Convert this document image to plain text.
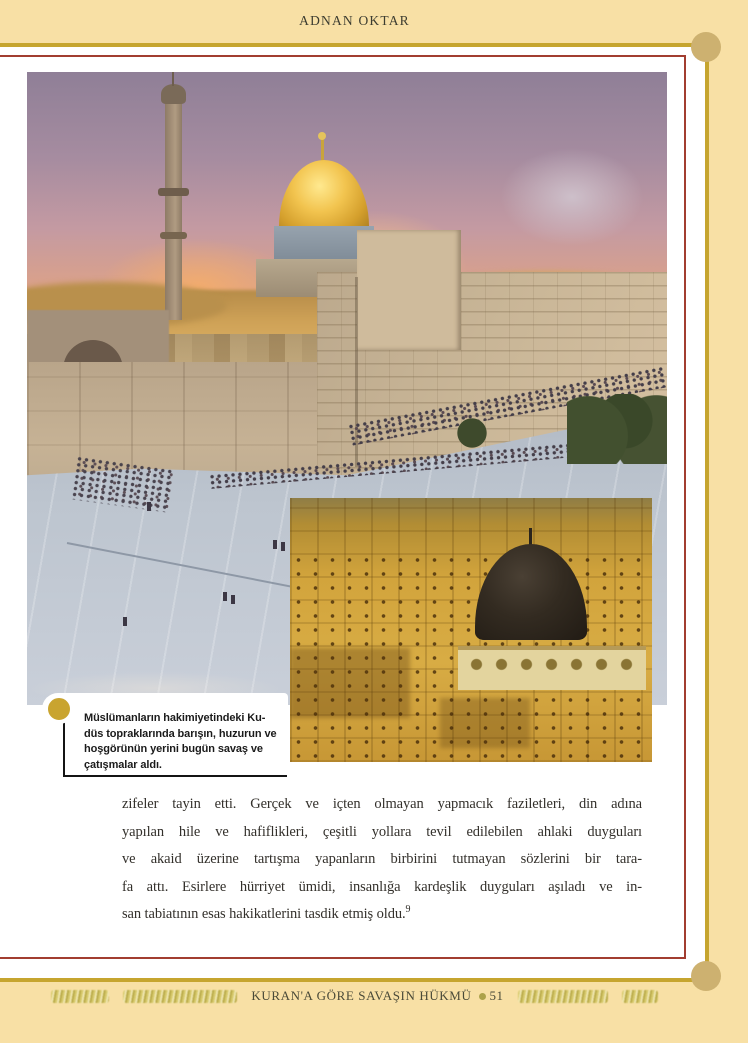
ADNAN OKTAR
Müslümanların hakimiyetindeki Ku-
düs topraklarında barışın, huzurun ve
hoşgörünün yerini bugün savaş ve
çatışmalar aldı.
zifeler tayin etti. Gerçek ve içten olmayan yapmacık faziletleri, din adına
yapılan hile ve hafiflikleri, çeşitli yollara tevil edilebilen ahlaki duyguları
ve akaid üzerine tartışma yapanların birbirini tutmayan sözlerini bir tara-
fa attı. Esirlere hürriyet ümidi, insanlığa kardeşlik duyguları aşıladı ve in-
san tabiatının esas hakikatlerini tasdik etmiş oldu.$^9$
KURAN'A GÖRE SAVAŞIN HÜKMÜ 51
